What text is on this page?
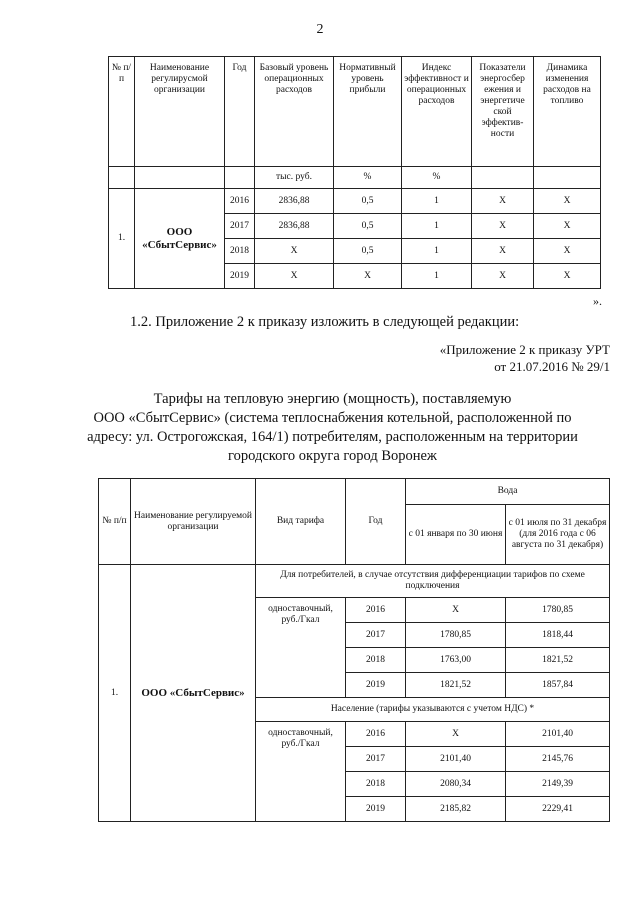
2
№ п/п	Наименование регулирусмой организации	Год	Базовый уровень операционных расходов	Нормативный уровень прибыли	Индекс эффективност и операционных расходов	Показатели энергосбер ежения и энергетиче ской эффектив-ности	Динамика изменения расходов на топливо
			тыс. руб.	%	%		
1.	ООО «СбытСервис»	2016	2836,88	0,5	1	Х	Х
		2017	2836,88	0,5	1	Х	Х
		2018	Х	0,5	1	Х	Х
		2019	Х	Х	1	Х	Х
».
1.2. Приложение 2 к приказу изложить в следующей редакции:
«Приложение 2 к приказу УРТ
от 21.07.2016 № 29/1
Тарифы на тепловую энергию (мощность), поставляемую
ООО «СбытСервис» (система теплоснабжения котельной, расположенной по
адресу: ул. Острогожская, 164/1) потребителям, расположенным на территории
городского округа город Воронеж
№ п/п	Наименование регулируемой организации	Вид тарифа	Год	Вода	
				с 01 января по 30 июня	с 01 июля по 31 декабря (для 2016 года с 06 августа по 31 декабря)
1.	ООО «СбытСервис»	Для потребителей, в случае отсутствия дифференциации тарифов по схеме подключения			
		одноставочный, руб./Гкал	2016	Х	1780,85
			2017	1780,85	1818,44
			2018	1763,00	1821,52
			2019	1821,52	1857,84
		Население (тарифы указываются с учетом НДС) *			
		одноставочный, руб./Гкал	2016	Х	2101,40
			2017	2101,40	2145,76
			2018	2080,34	2149,39
			2019	2185,82	2229,41
